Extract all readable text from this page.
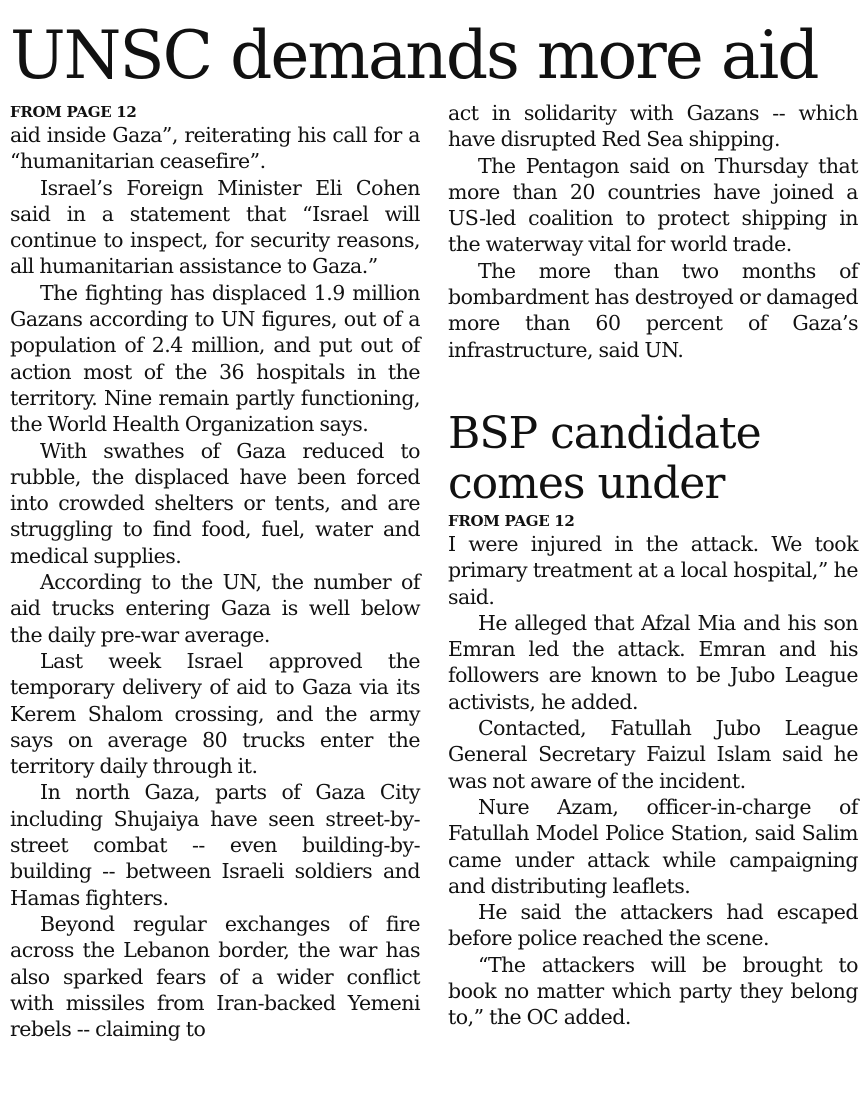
UNSC demands more aid

FROM PAGE 12

aid inside Gaza”, reiterating his call for a “humanitarian ceasefire”.

Israel’s Foreign Minister Eli Cohen said in a statement that “Israel will continue to inspect, for security reasons, all humanitarian assistance to Gaza.”

The fighting has displaced 1.9 million Gazans according to UN figures, out of a population of 2.4 million, and put out of action most of the 36 hospitals in the territory. Nine remain partly functioning, the World Health Organization says.

With swathes of Gaza reduced to rubble, the displaced have been forced into crowded shelters or tents, and are struggling to find food, fuel, water and medical supplies.

According to the UN, the number of aid trucks entering Gaza is well below the daily pre-war average.

Last week Israel approved the temporary delivery of aid to Gaza via its Kerem Shalom crossing, and the army says on average 80 trucks enter the territory daily through it.

In north Gaza, parts of Gaza City including Shujaiya have seen street-by-street combat -- even building-by-building -- between Israeli soldiers and Hamas fighters.

Beyond regular exchanges of fire across the Lebanon border, the war has also sparked fears of a wider conflict with missiles from Iran-backed Yemeni rebels -- claiming to

act in solidarity with Gazans -- which have disrupted Red Sea shipping.

The Pentagon said on Thursday that more than 20 countries have joined a US-led coalition to protect shipping in the waterway vital for world trade.

The more than two months of bombardment has destroyed or damaged more than 60 percent of Gaza’s infrastructure, said UN.

BSP candidate comes under

FROM PAGE 12

I were injured in the attack. We took primary treatment at a local hospital,” he said.

He alleged that Afzal Mia and his son Emran led the attack. Emran and his followers are known to be Jubo League activists, he added.

Contacted, Fatullah Jubo League General Secretary Faizul Islam said he was not aware of the incident.

Nure Azam, officer-in-charge of Fatullah Model Police Station, said Salim came under attack while campaigning and distributing leaflets.

He said the attackers had escaped before police reached the scene.

“The attackers will be brought to book no matter which party they belong to,” the OC added.
